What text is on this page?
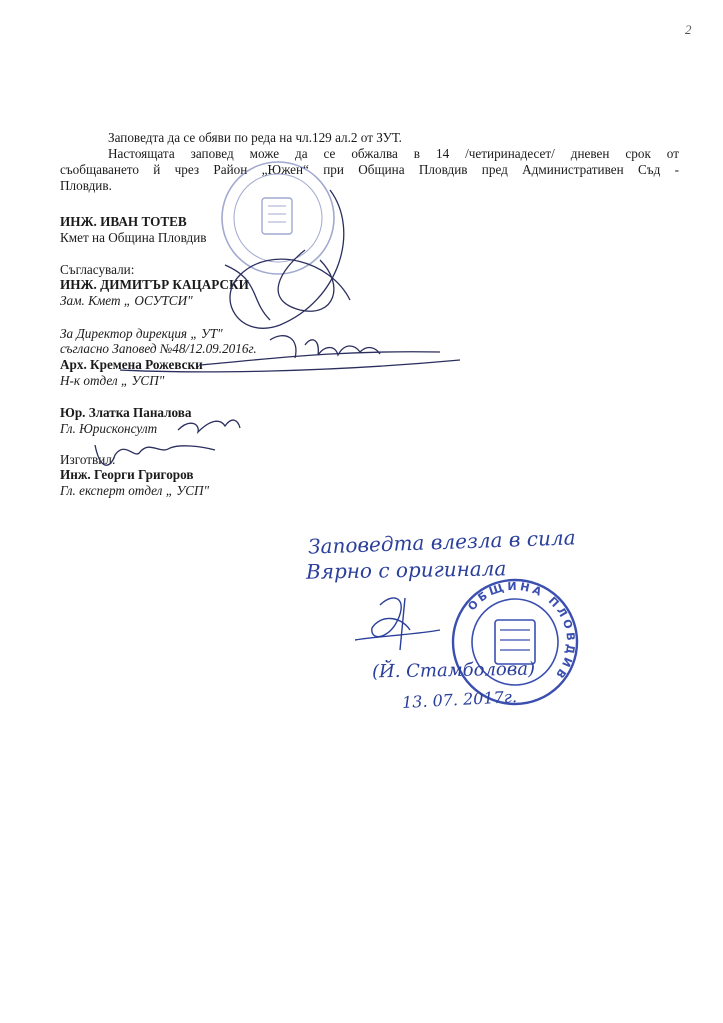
2
Заповедта да се обяви по реда на чл.129 ал.2 от ЗУТ.
Настоящата заповед може да се обжалва в 14 /четиринадесет/ дневен срок от
съобщаването й чрез Район „Южен“ при Община Пловдив пред Административен Съд -
Пловдив.
ИНЖ. ИВАН ТОТЕВ
Кмет на Община Пловдив
Съгласували:
ИНЖ. ДИМИТЪР КАЦАРСКИ
Зам. Кмет „ ОСУТСИ"
За Директор дирекция „ УТ"
съгласно Заповед №48/12.09.2016г.
Арх. Кремена Рожевски
Н-к отдел „ УСП"
Юр. Златка Паналова
Гл. Юрисконсулт
Изготвил:
Инж. Георги Григоров
Гл. експерт отдел „ УСП"
ОБЩИНА ПЛОВДИВ
Заповедта влезла в сила
Вярно с оригинала
(Й. Стамболова)
13. 07. 2017г.
